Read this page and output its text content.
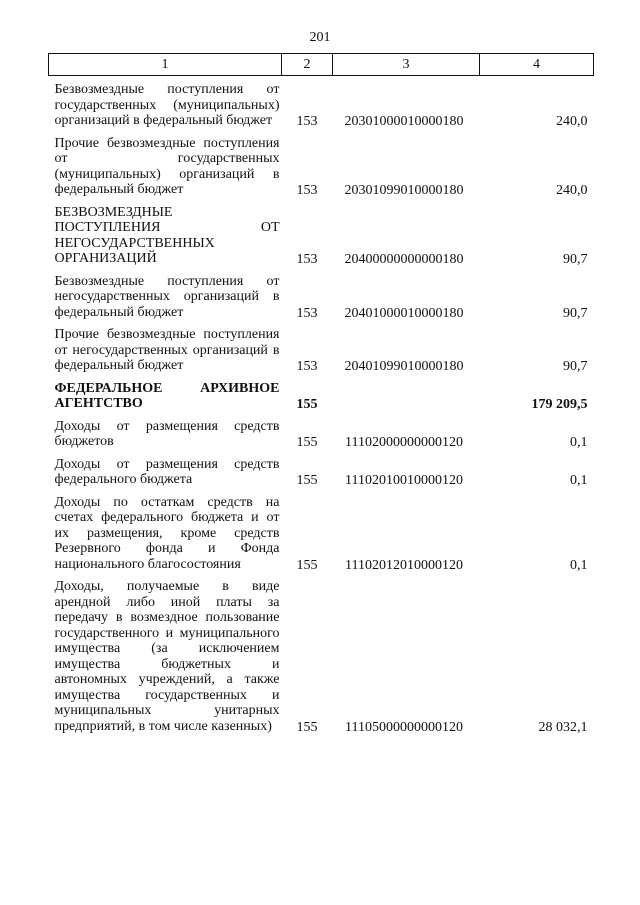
201
1	2	3	4

Безвозмездные поступления от государственных (муниципальных) организаций в федеральный бюджет	153	20301000010000180	240,0

Прочие безвозмездные поступления от государственных (муниципальных) организаций в федеральный бюджет	153	20301099010000180	240,0

БЕЗВОЗМЕЗДНЫЕ ПОСТУПЛЕНИЯ ОТ НЕГОСУДАРСТВЕННЫХ ОРГАНИЗАЦИЙ	153	20400000000000180	90,7

Безвозмездные поступления от негосударственных организаций в федеральный бюджет	153	20401000010000180	90,7

Прочие безвозмездные поступления от негосударственных организаций в федеральный бюджет	153	20401099010000180	90,7

ФЕДЕРАЛЬНОЕ АРХИВНОЕ АГЕНТСТВО	155		179 209,5

Доходы от размещения средств бюджетов	155	11102000000000120	0,1

Доходы от размещения средств федерального бюджета	155	11102010010000120	0,1

Доходы по остаткам средств на счетах федерального бюджета и от их размещения, кроме средств Резервного фонда и Фонда национального благосостояния	155	11102012010000120	0,1

Доходы, получаемые в виде арендной либо иной платы за передачу в возмездное пользование государственного и муниципального имущества (за исключением имущества бюджетных и автономных учреждений, а также имущества государственных и муниципальных унитарных предприятий, в том числе казенных)	155	11105000000000120	28 032,1
